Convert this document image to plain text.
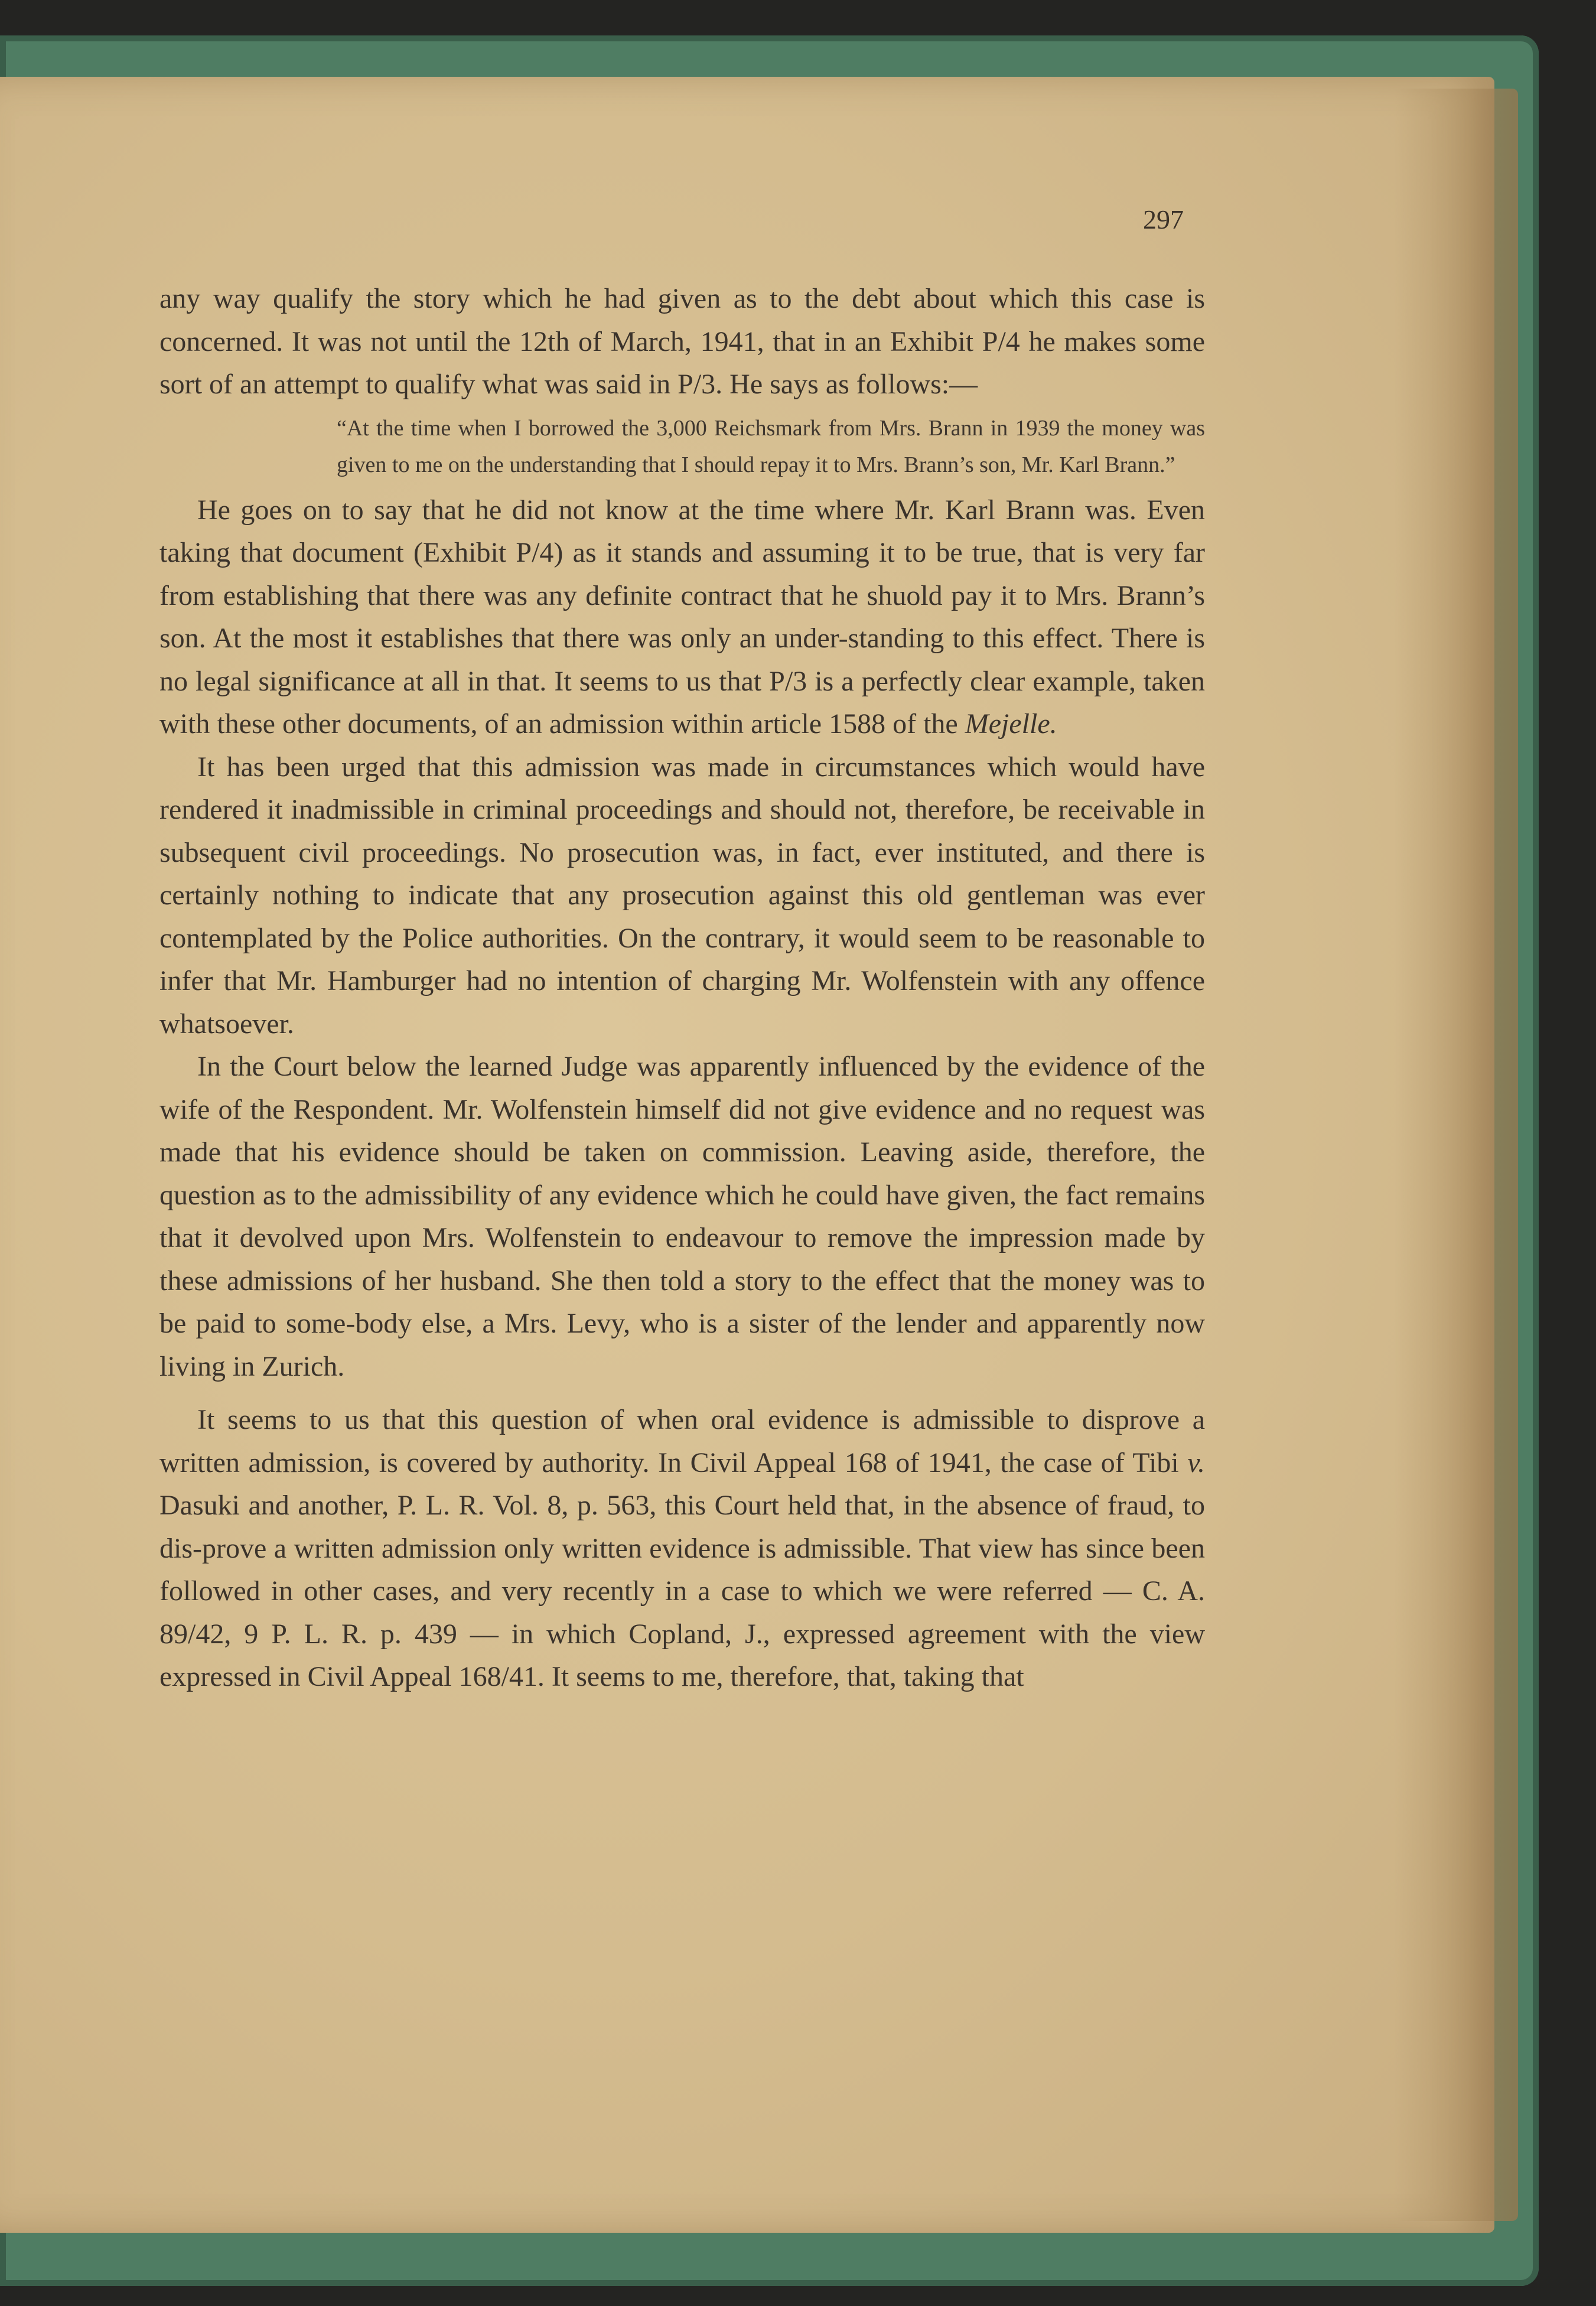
297

any way qualify the story which he had given as to the debt about which this case is concerned. It was not until the 12th of March, 1941, that in an Exhibit P/4 he makes some sort of an attempt to qualify what was said in P/3. He says as follows:—

“At the time when I borrowed the 3,000 Reichsmark from Mrs. Brann in 1939 the money was given to me on the understanding that I should repay it to Mrs. Brann’s son, Mr. Karl Brann.”

He goes on to say that he did not know at the time where Mr. Karl Brann was. Even taking that document (Exhibit P/4) as it stands and assuming it to be true, that is very far from establishing that there was any definite contract that he shuold pay it to Mrs. Brann’s son. At the most it establishes that there was only an under-standing to this effect. There is no legal significance at all in that. It seems to us that P/3 is a perfectly clear example, taken with these other documents, of an admission within article 1588 of the Mejelle.

It has been urged that this admission was made in circumstances which would have rendered it inadmissible in criminal proceedings and should not, therefore, be receivable in subsequent civil proceedings. No prosecution was, in fact, ever instituted, and there is certainly nothing to indicate that any prosecution against this old gentleman was ever contemplated by the Police authorities. On the contrary, it would seem to be reasonable to infer that Mr. Hamburger had no intention of charging Mr. Wolfenstein with any offence whatsoever.

In the Court below the learned Judge was apparently influenced by the evidence of the wife of the Respondent. Mr. Wolfenstein himself did not give evidence and no request was made that his evidence should be taken on commission. Leaving aside, therefore, the question as to the admissibility of any evidence which he could have given, the fact remains that it devolved upon Mrs. Wolfenstein to endeavour to remove the impression made by these admissions of her husband. She then told a story to the effect that the money was to be paid to some-body else, a Mrs. Levy, who is a sister of the lender and apparently now living in Zurich.

It seems to us that this question of when oral evidence is admissible to disprove a written admission, is covered by authority. In Civil Appeal 168 of 1941, the case of Tibi v. Dasuki and another, P. L. R. Vol. 8, p. 563, this Court held that, in the absence of fraud, to dis-prove a written admission only written evidence is admissible. That view has since been followed in other cases, and very recently in a case to which we were referred — C. A. 89/42, 9 P. L. R. p. 439 — in which Copland, J., expressed agreement with the view expressed in Civil Appeal 168/41. It seems to me, therefore, that, taking that
